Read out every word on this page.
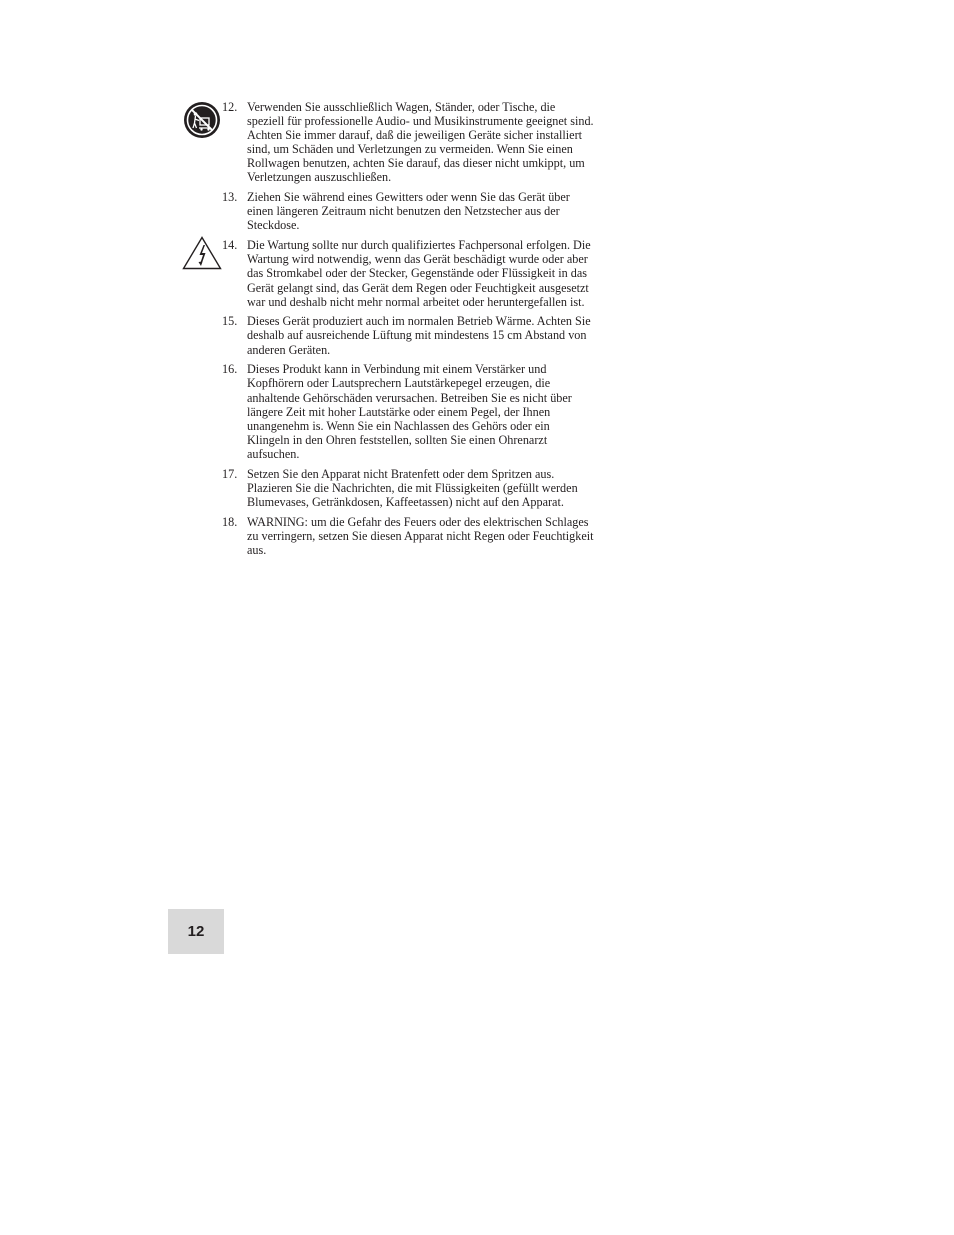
12. Verwenden Sie ausschließlich Wagen, Ständer, oder Tische, die speziell für professionelle Audio- und Musikinstrumente geeignet sind. Achten Sie immer darauf, daß die jeweiligen Geräte sicher installiert sind, um Schäden und Verletzungen zu vermeiden. Wenn Sie einen Rollwagen benutzen, achten Sie darauf, das dieser nicht umkippt, um Verletzungen auszuschließen.
13. Ziehen Sie während eines Gewitters oder wenn Sie das Gerät über einen längeren Zeitraum nicht benutzen den Netzstecher aus der Steckdose.
14. Die Wartung sollte nur durch qualifiziertes Fachpersonal erfolgen. Die Wartung wird notwendig, wenn das Gerät beschädigt wurde oder aber das Stromkabel oder der Stecker, Gegenstände oder Flüssigkeit in das Gerät gelangt sind, das Gerät dem Regen oder Feuchtigkeit ausgesetzt war und deshalb nicht mehr normal arbeitet oder heruntergefallen ist.
15. Dieses Gerät produziert auch im normalen Betrieb Wärme. Achten Sie deshalb auf ausreichende Lüftung mit mindestens 15 cm Abstand von anderen Geräten.
16. Dieses Produkt kann in Verbindung mit einem Verstärker und Kopfhörern oder Lautsprechern Lautstärkepegel erzeugen, die anhaltende Gehörschäden verursachen. Betreiben Sie es nicht über längere Zeit mit hoher Lautstärke oder einem Pegel, der Ihnen unangenehm is. Wenn Sie ein Nachlassen des Gehörs oder ein Klingeln in den Ohren feststellen, sollten Sie einen Ohrenarzt aufsuchen.
17. Setzen Sie den Apparat nicht Bratenfett oder dem Spritzen aus. Plazieren Sie die Nachrichten, die mit Flüssigkeiten (gefüllt werden Blumevases, Getränkdosen, Kaffeetassen) nicht auf den Apparat.
18. WARNING: um die Gefahr des Feuers oder des elektrischen Schlages zu verringern, setzen Sie diesen Apparat nicht Regen oder Feuchtigkeit aus.
12
